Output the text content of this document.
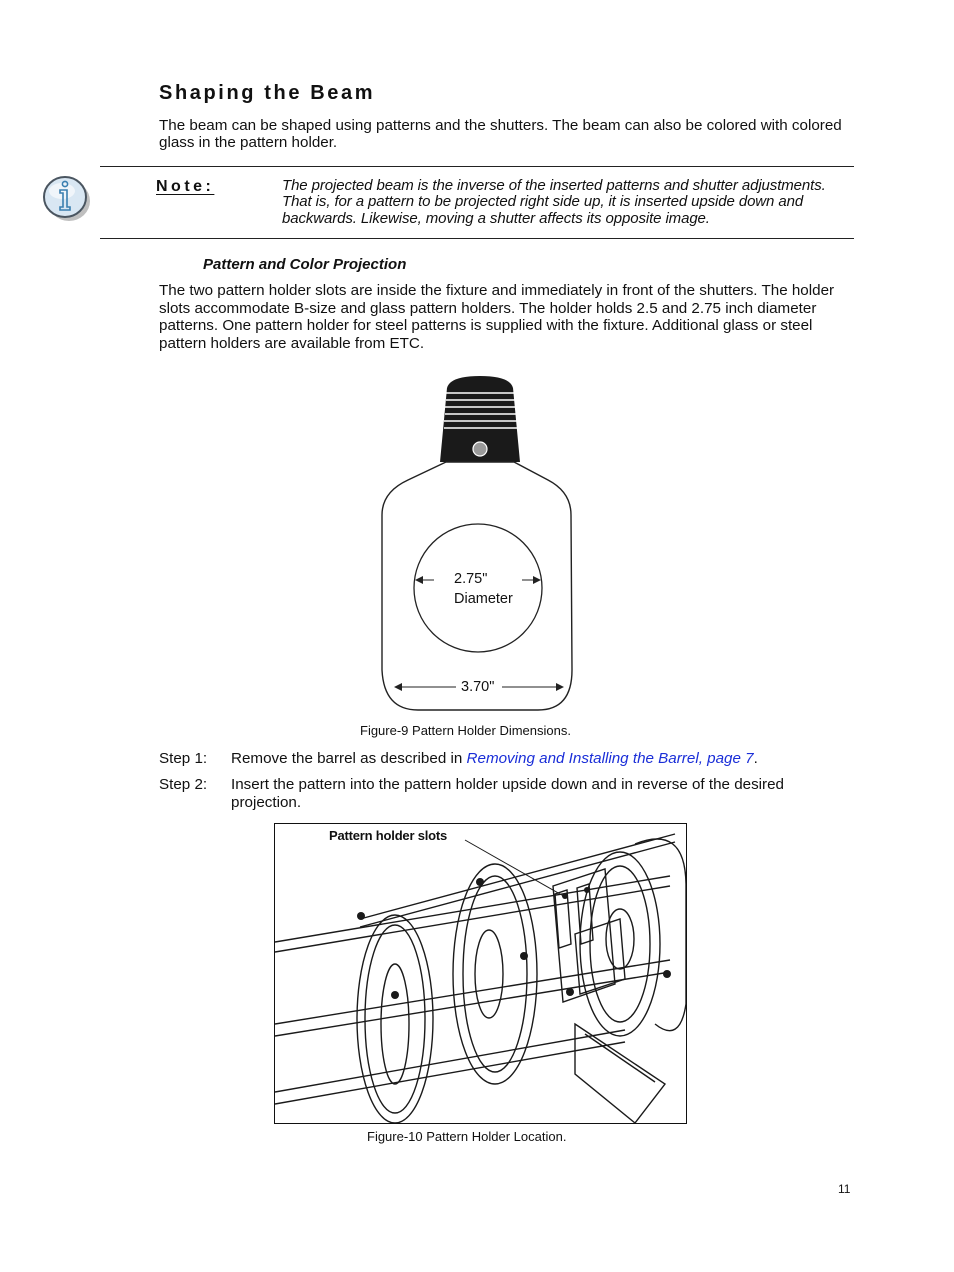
Shaping the Beam
The beam can be shaped using patterns and the shutters. The beam can also be colored with colored glass in the pattern holder.
Note:	The projected beam is the inverse of the inserted patterns and shutter adjustments. That is, for a pattern to be projected right side up, it is inserted upside down and backwards. Likewise, moving a shutter affects its opposite image.
Pattern and Color Projection
The two pattern holder slots are inside the fixture and immediately in front of the shutters. The holder slots accommodate B-size and glass pattern holders. The holder holds 2.5 and 2.75 inch diameter patterns. One pattern holder for steel patterns is supplied with the fixture. Additional glass or steel pattern holders are available from ETC.
2.75"
Diameter
3.70"
Figure-9 Pattern Holder Dimensions.
Step 1: Remove the barrel as described in Removing and Installing the Barrel, page 7.
Step 2: Insert the pattern into the pattern holder upside down and in reverse of the desired projection.
Pattern holder slots
Figure-10 Pattern Holder Location.
11
